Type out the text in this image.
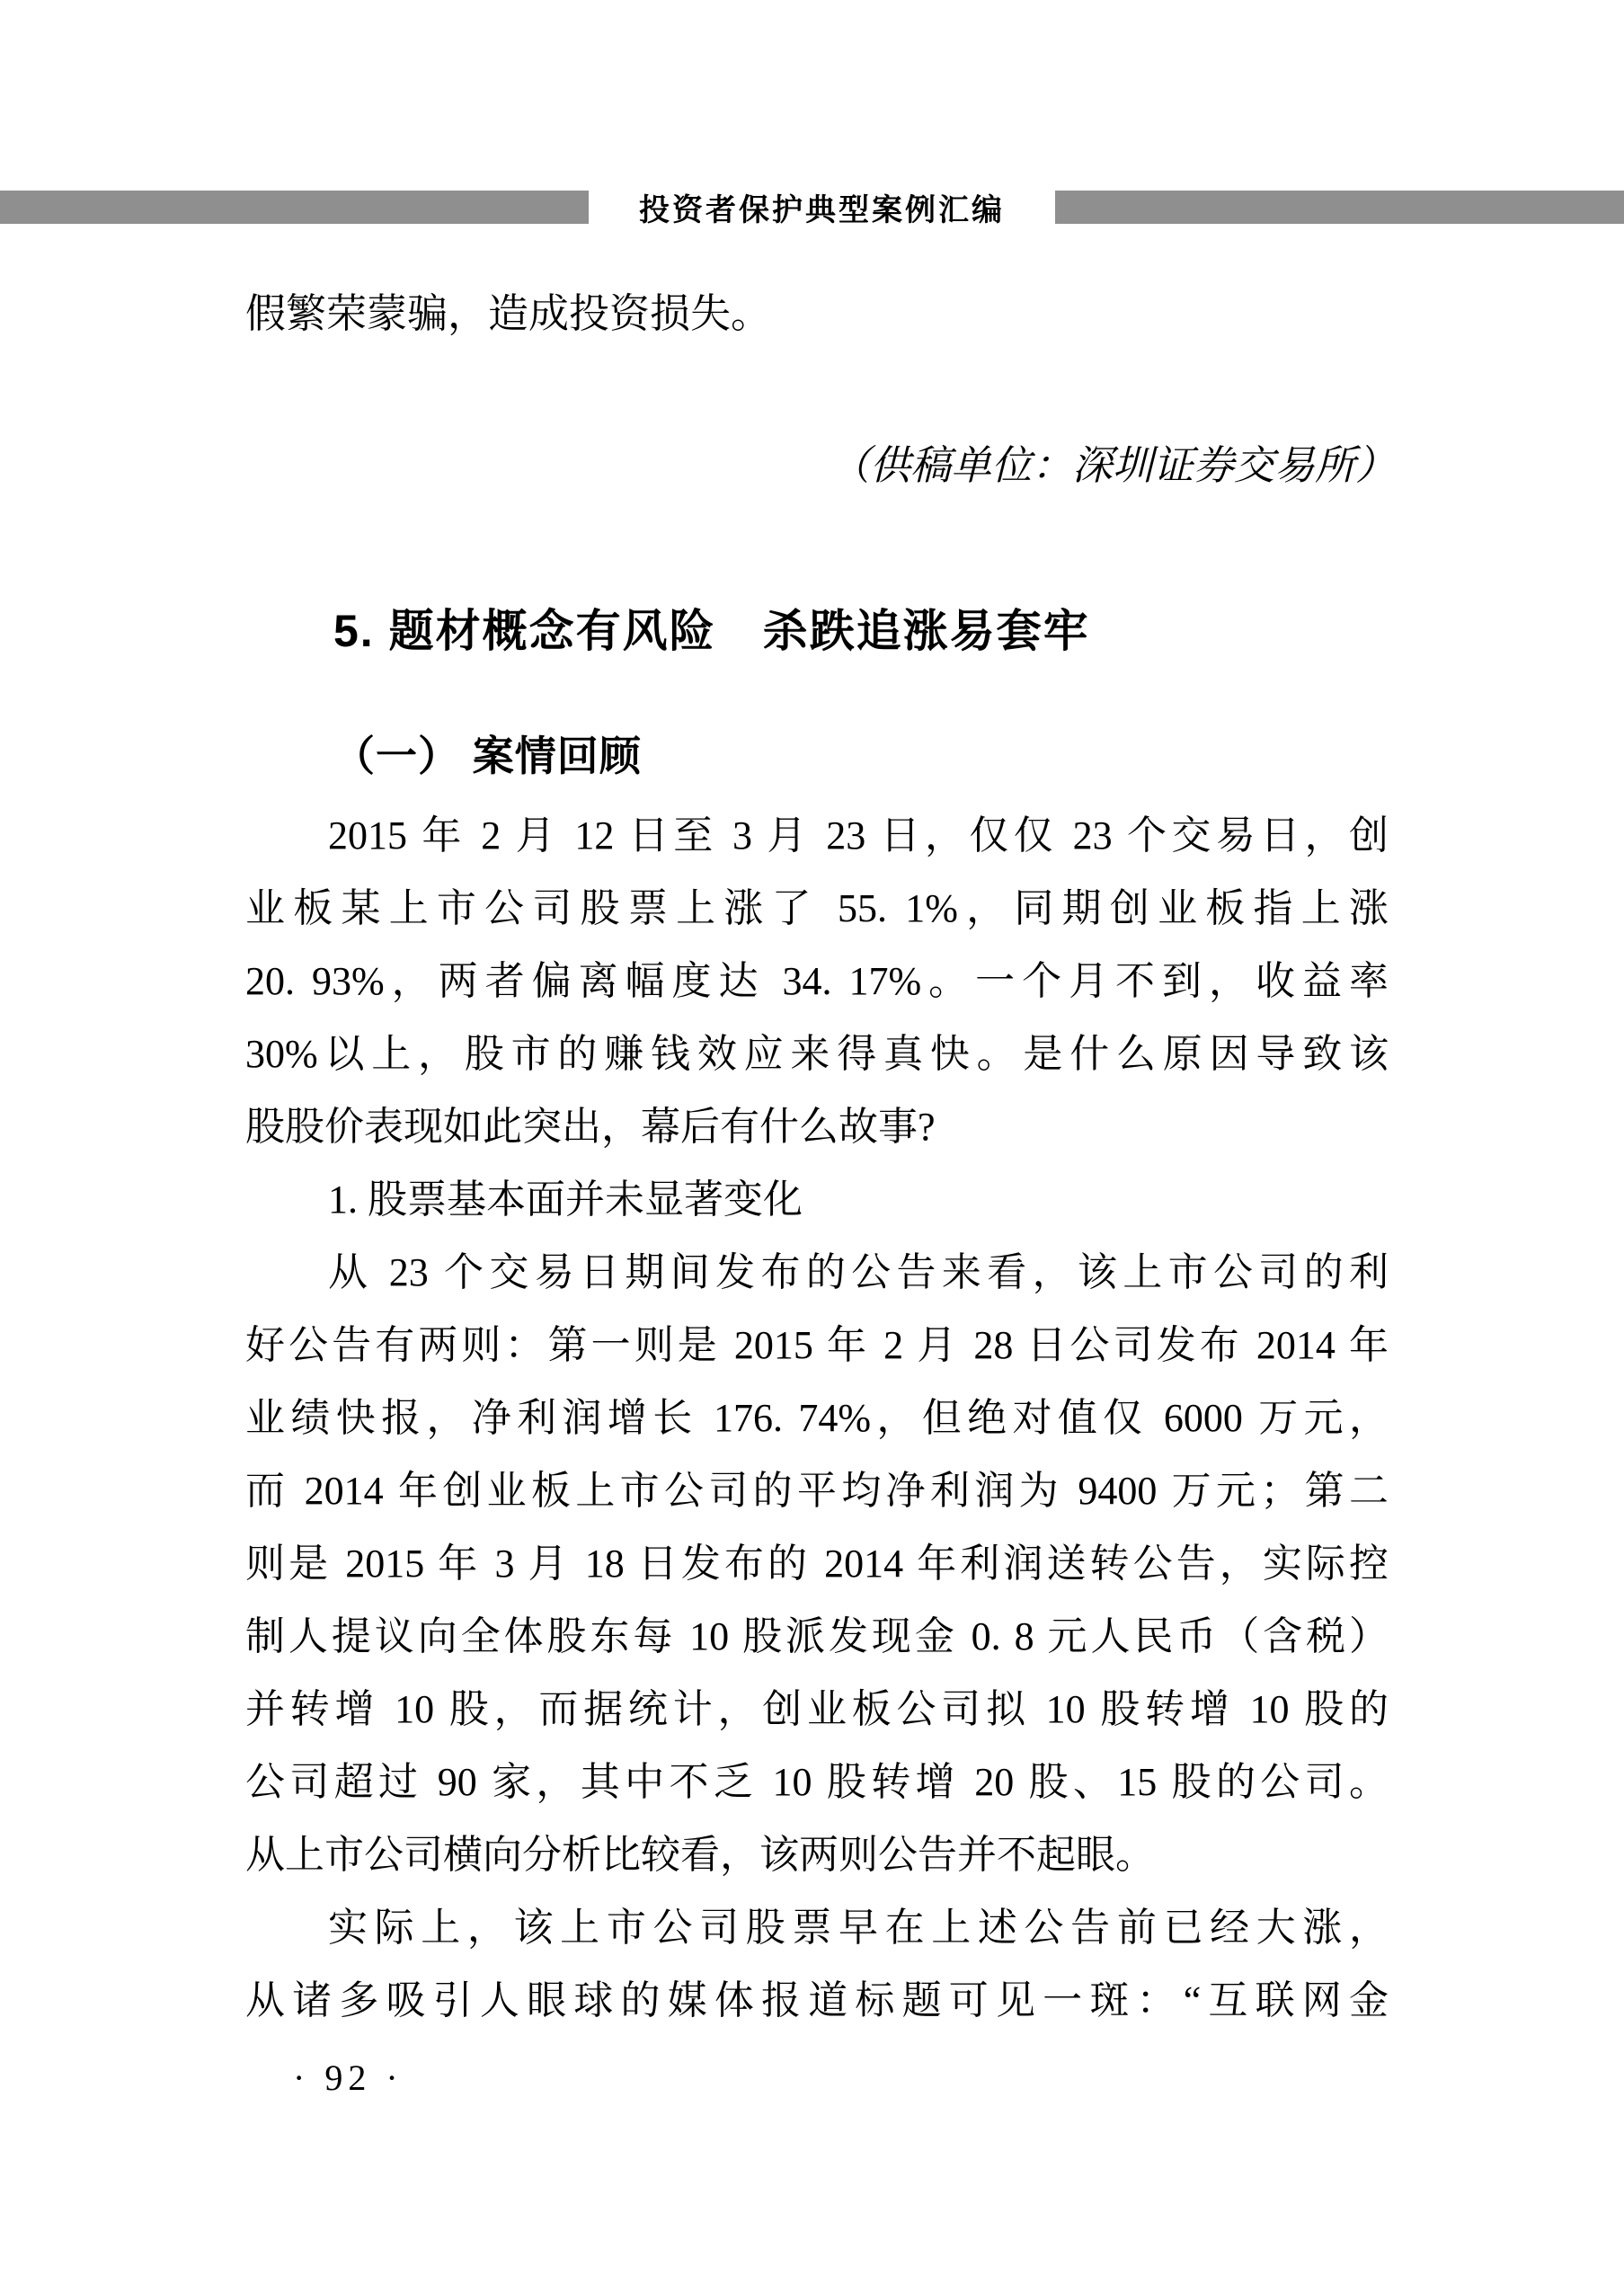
投资者保护典型案例汇编
假繁荣蒙骗，造成投资损失。
（供稿单位：深圳证券交易所）
5. 题材概念有风险　杀跌追涨易套牢
（一） 案情回顾
2015 年 2 月 12 日至 3 月 23 日，仅仅 23 个交易日，创
业板某上市公司股票上涨了 55. 1%，同期创业板指上涨
20. 93%，两者偏离幅度达 34. 17%。一个月不到，收益率
30%以上，股市的赚钱效应来得真快。是什么原因导致该
股股价表现如此突出，幕后有什么故事?
1. 股票基本面并未显著变化
从 23 个交易日期间发布的公告来看，该上市公司的利
好公告有两则：第一则是 2015 年 2 月 28 日公司发布 2014 年
业绩快报，净利润增长 176. 74%，但绝对值仅 6000 万元，
而 2014 年创业板上市公司的平均净利润为 9400 万元；第二
则是 2015 年 3 月 18 日发布的 2014 年利润送转公告，实际控
制人提议向全体股东每 10 股派发现金 0. 8 元人民币（含税）
并转增 10 股，而据统计，创业板公司拟 10 股转增 10 股的
公司超过 90 家，其中不乏 10 股转增 20 股、15 股的公司。
从上市公司横向分析比较看，该两则公告并不起眼。
实际上，该上市公司股票早在上述公告前已经大涨，
从诸多吸引人眼球的媒体报道标题可见一斑：“互联网金
· 92 ·
